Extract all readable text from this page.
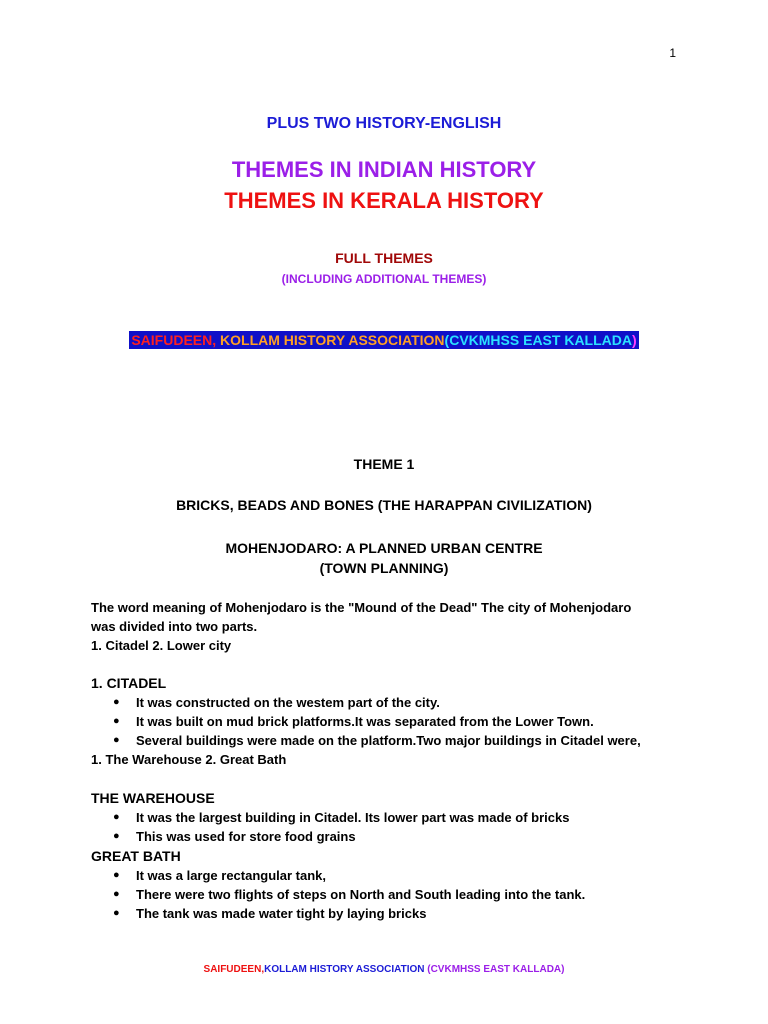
1
PLUS TWO HISTORY-ENGLISH
THEMES IN INDIAN HISTORY
THEMES IN KERALA HISTORY
FULL THEMES
(INCLUDING ADDITIONAL THEMES)
SAIFUDEEN, KOLLAM HISTORY ASSOCIATION(CVKMHSS EAST KALLADA)
THEME 1
BRICKS, BEADS AND BONES (THE HARAPPAN CIVILIZATION)
MOHENJODARO: A PLANNED URBAN CENTRE
(TOWN PLANNING)
The word meaning of Mohenjodaro is the "Mound of the Dead" The city of Mohenjodaro
was divided into two parts.
1. Citadel 2. Lower city
1. CITADEL
● It was constructed on the westem part of the city.
● It was built on mud brick platforms.It was separated from the Lower Town.
● Several buildings were made on the platform.Two major buildings in Citadel were,
1. The Warehouse 2. Great Bath
THE WAREHOUSE
● It was the largest building in Citadel. Its lower part was made of bricks
● This was used for store food grains
GREAT BATH
● It was a large rectangular tank,
● There were two flights of steps on North and South leading into the tank.
● The tank was made water tight by laying bricks
SAIFUDEEN,KOLLAM HISTORY ASSOCIATION (CVKMHSS EAST KALLADA)
